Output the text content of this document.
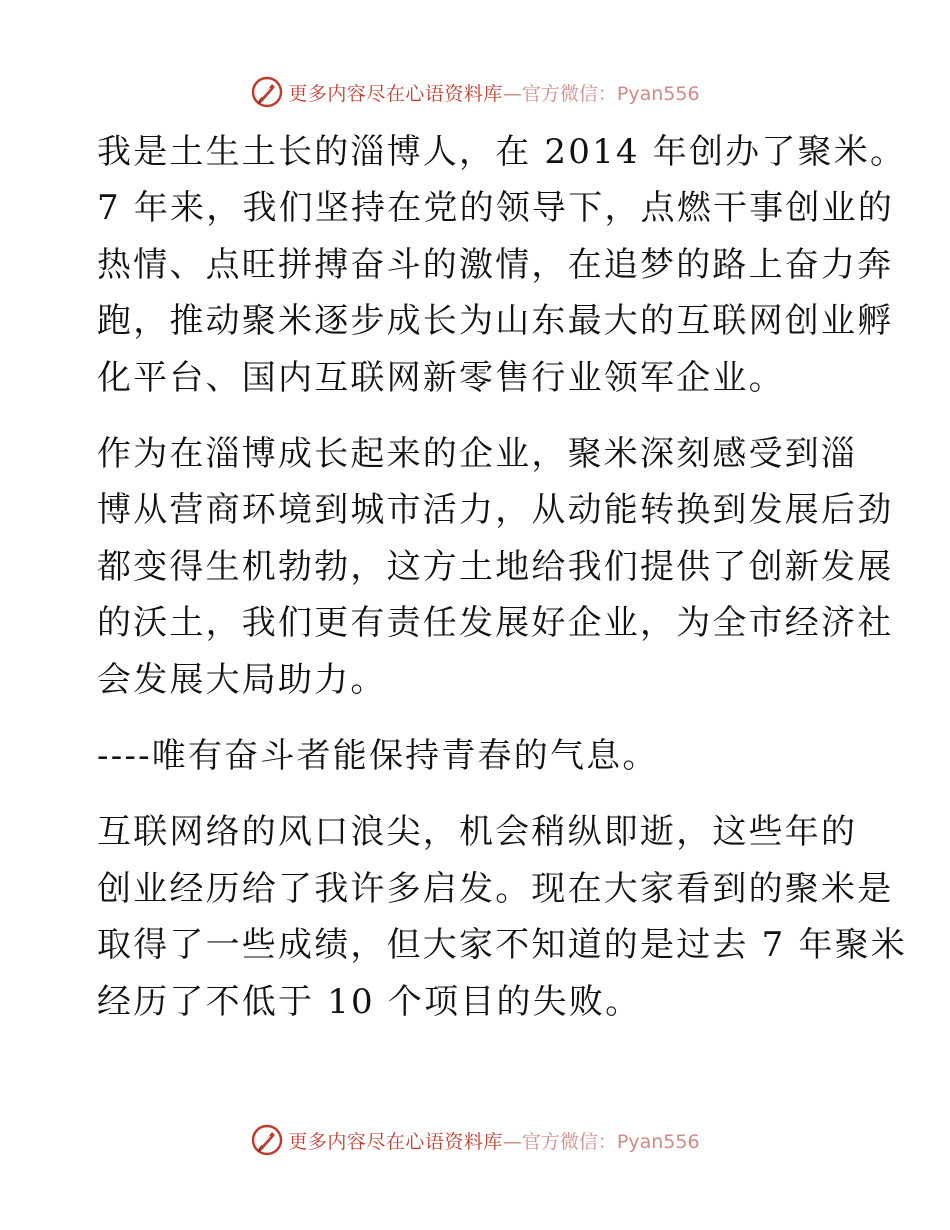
更多内容尽在心语资料库 —官方微信：Pyan556

我是土生土长的淄博人，在 2014 年创办了聚米。
7 年来，我们坚持在党的领导下，点燃干事创业的
热情、点旺拼搏奋斗的激情，在追梦的路上奋力奔
跑，推动聚米逐步成长为山东最大的互联网创业孵
化平台、国内互联网新零售行业领军企业。

作为在淄博成长起来的企业，聚米深刻感受到淄
博从营商环境到城市活力，从动能转换到发展后劲
都变得生机勃勃，这方土地给我们提供了创新发展
的沃土，我们更有责任发展好企业，为全市经济社
会发展大局助力。

----唯有奋斗者能保持青春的气息。

互联网络的风口浪尖，机会稍纵即逝，这些年的
创业经历给了我许多启发。现在大家看到的聚米是
取得了一些成绩，但大家不知道的是过去 7 年聚米
经历了不低于 10 个项目的失败。

更多内容尽在心语资料库 —官方微信：Pyan556
